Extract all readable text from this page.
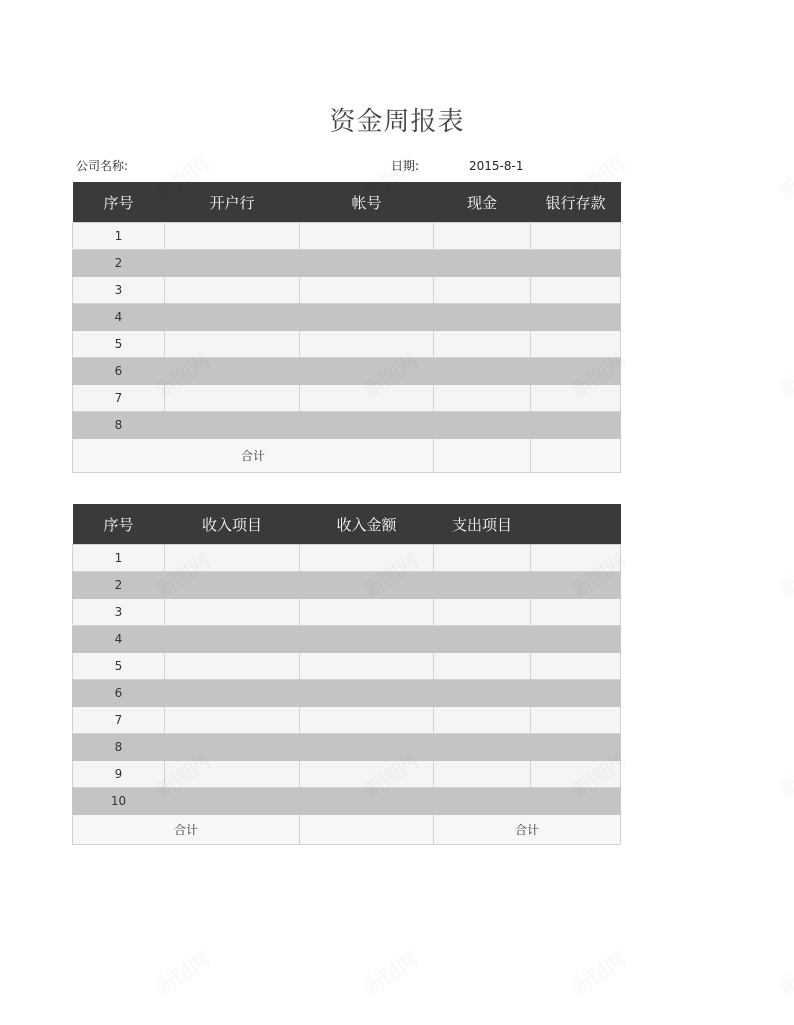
资金周报表
公司名称:	日期:	2015-8-1
序号	开户行	帐号	现金	银行存款
1				
2				
3				
4				
5				
6				
7				
8				
合计				
序号	收入项目	收入金额	支出项目	
1				
2				
3				
4				
5				
6				
7				
8				
9				
10				
合计			合计	
